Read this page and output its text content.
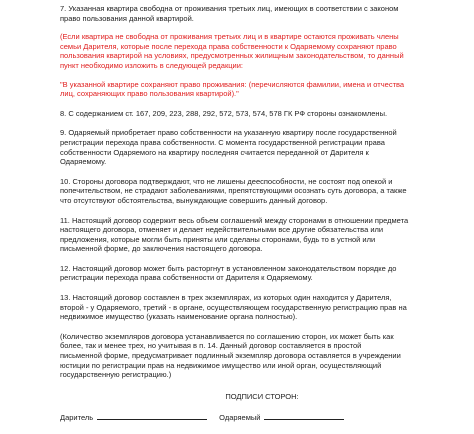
7. Указанная квартира свободна от проживания третьих лиц, имеющих в соответствии с законом
право пользования данной квартирой.

(Если квартира не свободна от проживания третьих лиц и в квартире остаются проживать члены
семьи Дарителя, которые после перехода права собственности к Одаряемому сохраняют право
пользования квартирой на условиях, предусмотренных жилищным законодательством, то данный
пункт необходимо изложить в следующей редакции:

"В указанной квартире сохраняют право проживания: (перечисляются фамилии, имена и отчества
лиц, сохраняющих право пользования квартирой)."

8. С содержанием ст. 167, 209, 223, 288, 292, 572, 573, 574, 578 ГК РФ стороны ознакомлены.

9. Одаряемый приобретает право собственности на указанную квартиру после государственной
регистрации перехода права собственности. С момента государственной регистрации права
собственности Одаряемого на квартиру последняя считается переданной от Дарителя к
Одаряемому.

10. Стороны договора подтверждают, что не лишены дееспособности, не состоят под опекой и
попечительством, не страдают заболеваниями, препятствующими осознать суть договора, а также
что отсутствуют обстоятельства, вынуждающие совершить данный договор.

11. Настоящий договор содержит весь объем соглашений между сторонами в отношении предмета
настоящего договора, отменяет и делает недействительными все другие обязательства или
предложения, которые могли быть приняты или сделаны сторонами, будь то в устной или
письменной форме, до заключения настоящего договора.

12. Настоящий договор может быть расторгнут в установленном законодательством порядке до
регистрации перехода права собственности от Дарителя к Одаряемому.

13. Настоящий договор составлен в трех экземплярах, из которых один находится у Дарителя,
второй - у Одаряемого, третий - в органе, осуществляющем государственную регистрацию прав на
недвижимое имущество (указать наименование органа полностью).

(Количество экземпляров договора устанавливается по соглашению сторон, их может быть как
более, так и менее трех, но учитывая в п. 14. Данный договор составляется в простой
письменной форме, предусматривает подлинный экземпляр договора оставляется в учреждении
юстиции по регистрации прав на недвижимое имущество или иной орган, осуществляющий
государственную регистрацию.)

ПОДПИСИ СТОРОН:
Даритель	Одаряемый
